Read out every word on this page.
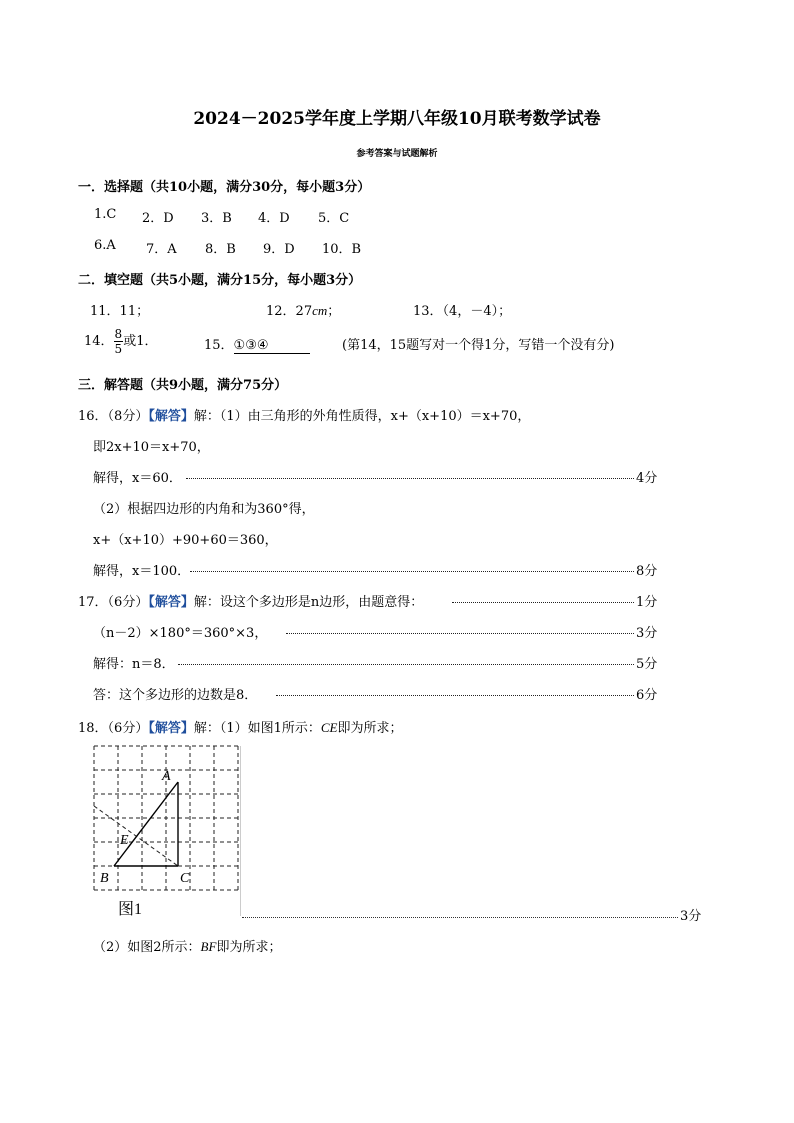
2024－2025学年度上学期八年级10月联考数学试卷
参考答案与试题解析
一．选择题（共10小题，满分30分，每小题3分）
1.C 2．D 3．B 4．D 5．C
6.A 7．A 8．B 9．D 10．B
二．填空题（共5小题，满分15分，每小题3分）
11．11；	12．27cm；	13．（4，－4）；
14． $\frac{8}{5}$ 或1．	15．①③④	(第14，15题写对一个得1分，写错一个没有分)
三．解答题（共9小题，满分75分）
16．（8分）【解答】解：（1）由三角形的外角性质得，x+（x+10）＝x+70，
即2x+10＝x+70，
解得，x＝60．	4分
（2）根据四边形的内角和为360°得，
x+（x+10）+90+60＝360，
解得，x＝100．	8分
17．（6分）【解答】解：设这个多边形是n边形，由题意得：	1分
（n－2）×180°＝360°×3，	3分
解得：n＝8．	5分
答：这个多边形的边数是8．	6分
18．（6分）【解答】解：（1）如图1所示：CE即为所求；
A
E
B	C
图1	3分
（2）如图2所示：BF即为所求；
